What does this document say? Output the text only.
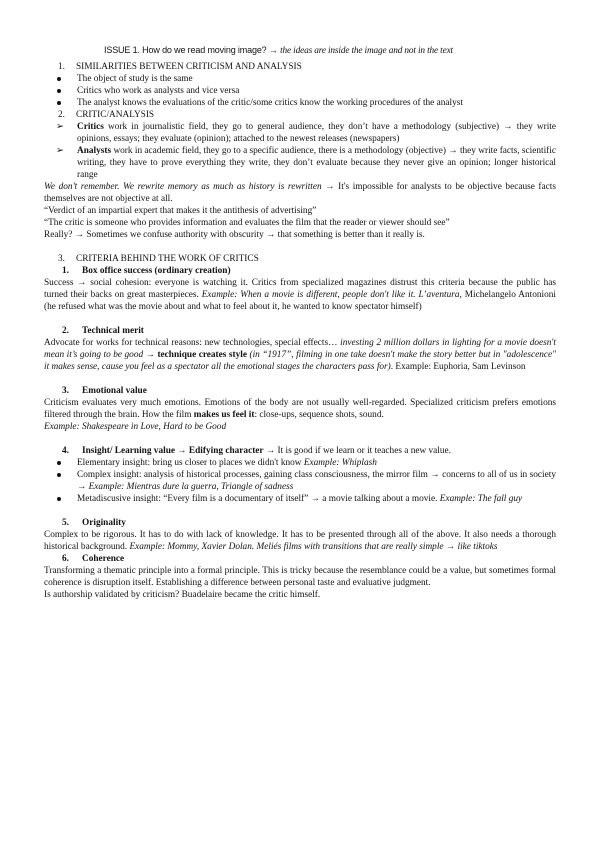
ISSUE 1. How do we read moving image? → the ideas are inside the image and not in the text
1. SIMILARITIES BETWEEN CRITICISM AND ANALYSIS
The object of study is the same
Critics who work as analysts and vice versa
The analyst knows the evaluations of the critic/some critics know the working procedures of the analyst
2. CRITIC/ANALYSIS
➢ Critics work in journalistic field, they go to general audience, they don’t have a methodology (subjective) → they write opinions, essays; they evaluate (opinion); attached to the newest releases (newspapers)
➢ Analysts work in academic field, they go to a specific audience, there is a methodology (objective) → they write facts, scientific writing, they have to prove everything they write, they don’t evaluate because they never give an opinion; longer historical range
We don’t remember. We rewrite memory as much as history is rewritten → It's impossible for analysts to be objective because facts themselves are not objective at all.
“Verdict of an impartial expert that makes it the antithesis of advertising”
“The critic is someone who provides information and evaluates the film that the reader or viewer should see”
Really? → Sometimes we confuse authority with obscurity → that something is better than it really is.
3. CRITERIA BEHIND THE WORK OF CRITICS
1. Box office success (ordinary creation)
Success → social cohesion: everyone is watching it. Critics from specialized magazines distrust this criteria because the public has turned their backs on great masterpieces. Example: When a movie is different, people don't like it. L’aventura, Michelangelo Antonioni (he refused what was the movie about and what to feel about it, he wanted to know spectator himself)
2. Technical merit
Advocate for works for technical reasons: new technologies, special effects… investing 2 million dollars in lighting for a movie doesn't mean it’s going to be good → technique creates style (in “1917”, filming in one take doesn't make the story better but in "adolescence" it makes sense, cause you feel as a spectator all the emotional stages the characters pass for). Example: Euphoria, Sam Levinson
3. Emotional value
Criticism evaluates very much emotions. Emotions of the body are not usually well-regarded. Specialized criticism prefers emotions filtered through the brain. How the film makes us feel it: close-ups, sequence shots, sound.
Example: Shakespeare in Love, Hard to be Good
4. Insight/ Learning value → Edifying character → It is good if we learn or it teaches a new value.
Elementary insight: bring us closer to places we didn't know Example: Whiplash
Complex insight: analysis of historical processes, gaining class consciousness, the mirror film → concerns to all of us in society → Example: Mientras dure la guerra, Triangle of sadness
Metadiscusive insight: “Every film is a documentary of itself” → a movie talking about a movie. Example: The fall guy
5. Originality
Complex to be rigorous. It has to do with lack of knowledge. It has to be presented through all of the above. It also needs a thorough historical background. Example: Mommy, Xavier Dolan. Meliés films with transitions that are really simple → like tiktoks
6. Coherence
Transforming a thematic principle into a formal principle. This is tricky because the resemblance could be a value, but sometimes formal coherence is disruption itself. Establishing a difference between personal taste and evaluative judgment.
Is authorship validated by criticism? Buadelaire became the critic himself.
